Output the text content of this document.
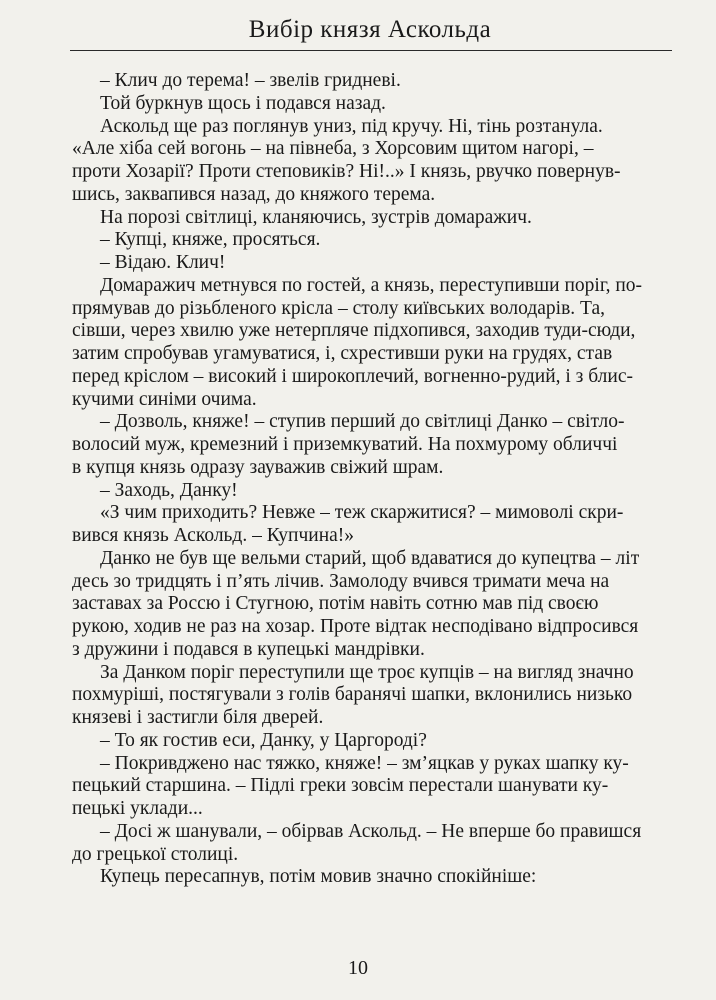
Вибір князя Аскольда
– Клич до терема! – звелів гридневі.
Той буркнув щось і подався назад.
Аскольд ще раз поглянув униз, під кручу. Ні, тінь розтанула.
«Але хіба сей вогонь – на півнеба, з Хорсовим щитом нагорі, –
проти Хозарії? Проти степовиків? Ні!..» І князь, рвучко повернув-
шись, заквапився назад, до княжого терема.
На порозі світлиці, кланяючись, зустрів домаражич.
– Купці, княже, просяться.
– Відаю. Клич!
Домаражич метнувся по гостей, а князь, переступивши поріг, по-
прямував до різьбленого крісла – столу київських володарів. Та,
сівши, через хвилю уже нетерпляче підхопився, заходив туди-сюди,
затим спробував угамуватися, і, схрестивши руки на грудях, став
перед кріслом – високий і широкоплечий, вогненно-рудий, і з блис-
кучими синіми очима.
– Дозволь, княже! – ступив перший до світлиці Данко – світло-
волосий муж, кремезний і приземкуватий. На похмурому обличчі
в купця князь одразу зауважив свіжий шрам.
– Заходь, Данку!
«З чим приходить? Невже – теж скаржитися? – мимоволі скри-
вився князь Аскольд. – Купчина!»
Данко не був ще вельми старий, щоб вдаватися до купецтва – літ
десь зо тридцять і п’ять лічив. Замолоду вчився тримати меча на
заставах за Россю і Стугною, потім навіть сотню мав під своєю
рукою, ходив не раз на хозар. Проте відтак несподівано відпросився
з дружини і подався в купецькі мандрівки.
За Данком поріг переступили ще троє купців – на вигляд значно
похмуріші, постягували з голів баранячі шапки, вклонились низько
князеві і застигли біля дверей.
– То як гостив еси, Данку, у Царгороді?
– Покривджено нас тяжко, княже! – зм’яцкав у руках шапку ку-
пецький старшина. – Підлі греки зовсім перестали шанувати ку-
пецькі уклади...
– Досі ж шанували, – обірвав Аскольд. – Не вперше бо правишся
до грецької столиці.
Купець пересапнув, потім мовив значно спокійніше:
10
